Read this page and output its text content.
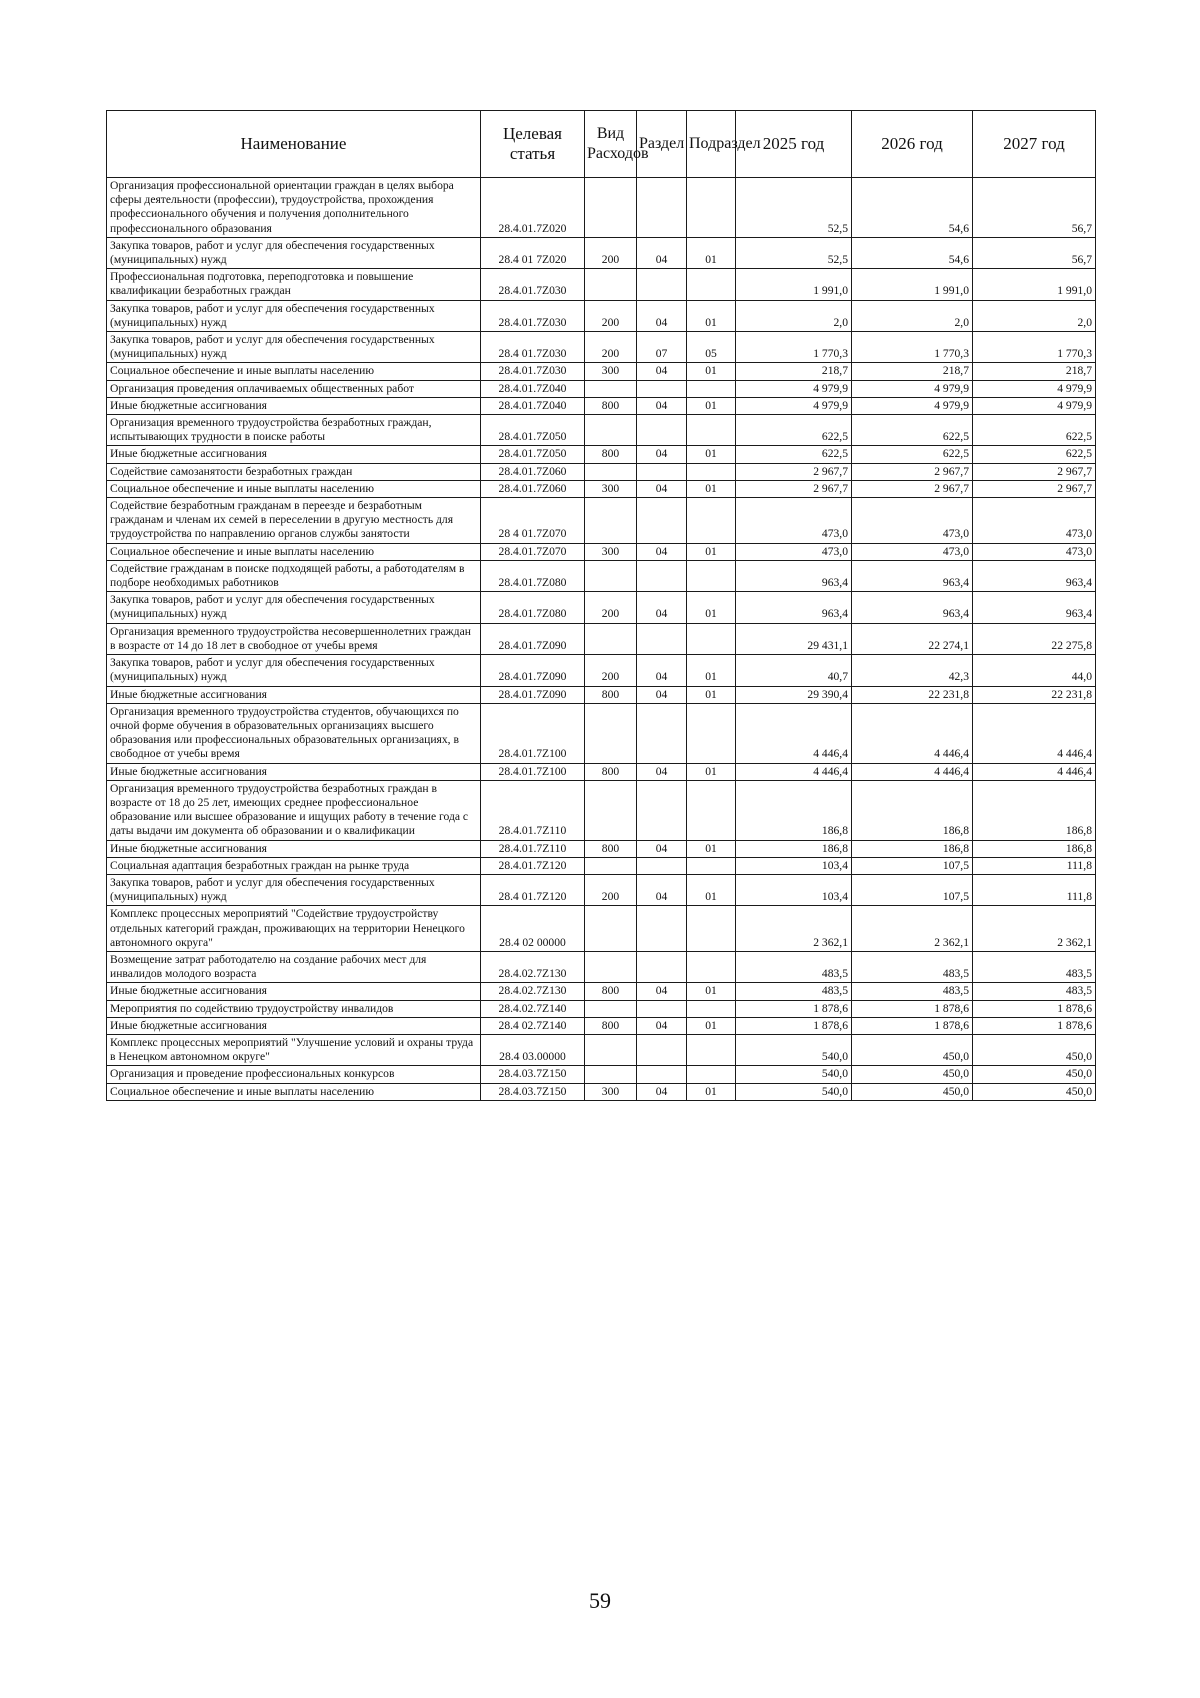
Наименование	Целевая статья	Вид Расходов	Раздел	Подраздел	2025 год	2026 год	2027 год
Организация профессиональной ориентации граждан в целях выбора сферы деятельности (профессии), трудоустройства, прохождения профессионального обучения и получения дополнительного профессионального образования	28.4.01.7Z020				52,5	54,6	56,7
Закупка товаров, работ и услуг для обеспечения государственных (муниципальных) нужд	28.4 01 7Z020	200	04	01	52,5	54,6	56,7
Профессиональная подготовка, переподготовка и повышение квалификации безработных граждан	28.4.01.7Z030				1 991,0	1 991,0	1 991,0
Закупка товаров, работ и услуг для обеспечения государственных (муниципальных) нужд	28.4.01.7Z030	200	04	01	2,0	2,0	2,0
Закупка товаров, работ и услуг для обеспечения государственных (муниципальных) нужд	28.4 01.7Z030	200	07	05	1 770,3	1 770,3	1 770,3
Социальное обеспечение и иные выплаты населению	28.4.01.7Z030	300	04	01	218,7	218,7	218,7
Организация проведения оплачиваемых общественных работ	28.4.01.7Z040				4 979,9	4 979,9	4 979,9
Иные бюджетные ассигнования	28.4.01.7Z040	800	04	01	4 979,9	4 979,9	4 979,9
Организация временного трудоустройства безработных граждан, испытывающих трудности в поиске работы	28.4.01.7Z050				622,5	622,5	622,5
Иные бюджетные ассигнования	28.4.01.7Z050	800	04	01	622,5	622,5	622,5
Содействие самозанятости безработных граждан	28.4.01.7Z060				2 967,7	2 967,7	2 967,7
Социальное обеспечение и иные выплаты населению	28.4.01.7Z060	300	04	01	2 967,7	2 967,7	2 967,7
Содействие безработным гражданам в переезде и безработным гражданам и членам их семей в переселении в другую местность для трудоустройства по направлению органов службы занятости	28 4 01.7Z070				473,0	473,0	473,0
Социальное обеспечение и иные выплаты населению	28.4.01.7Z070	300	04	01	473,0	473,0	473,0
Содействие гражданам в поиске подходящей работы, а работодателям в подборе необходимых работников	28.4.01.7Z080				963,4	963,4	963,4
Закупка товаров, работ и услуг для обеспечения государственных (муниципальных) нужд	28.4.01.7Z080	200	04	01	963,4	963,4	963,4
Организация временного трудоустройства несовершеннолетних граждан в возрасте от 14 до 18 лет в свободное от учебы время	28.4.01.7Z090				29 431,1	22 274,1	22 275,8
Закупка товаров, работ и услуг для обеспечения государственных (муниципальных) нужд	28.4.01.7Z090	200	04	01	40,7	42,3	44,0
Иные бюджетные ассигнования	28.4.01.7Z090	800	04	01	29 390,4	22 231,8	22 231,8
Организация временного трудоустройства студентов, обучающихся по очной форме обучения в образовательных организациях высшего образования или профессиональных образовательных организациях, в свободное от учебы время	28.4.01.7Z100				4 446,4	4 446,4	4 446,4
Иные бюджетные ассигнования	28.4.01.7Z100	800	04	01	4 446,4	4 446,4	4 446,4
Организация временного трудоустройства безработных граждан в возрасте от 18 до 25 лет, имеющих среднее профессиональное образование или высшее образование и ищущих работу в течение года с даты выдачи им документа об образовании и о квалификации	28.4.01.7Z110				186,8	186,8	186,8
Иные бюджетные ассигнования	28.4.01.7Z110	800	04	01	186,8	186,8	186,8
Социальная адаптация безработных граждан на рынке труда	28.4.01.7Z120				103,4	107,5	111,8
Закупка товаров, работ и услуг для обеспечения государственных (муниципальных) нужд	28.4 01.7Z120	200	04	01	103,4	107,5	111,8
Комплекс процессных мероприятий "Содействие трудоустройству отдельных категорий граждан, проживающих на территории Ненецкого автономного округа"	28.4 02 00000				2 362,1	2 362,1	2 362,1
Возмещение затрат работодателю на создание рабочих мест для инвалидов молодого возраста	28.4.02.7Z130				483,5	483,5	483,5
Иные бюджетные ассигнования	28.4.02.7Z130	800	04	01	483,5	483,5	483,5
Мероприятия по содействию трудоустройству инвалидов	28.4.02.7Z140				1 878,6	1 878,6	1 878,6
Иные бюджетные ассигнования	28.4 02.7Z140	800	04	01	1 878,6	1 878,6	1 878,6
Комплекс процессных мероприятий "Улучшение условий и охраны труда в Ненецком автономном округе"	28.4 03.00000				540,0	450,0	450,0
Организация и проведение профессиональных конкурсов	28.4.03.7Z150				540,0	450,0	450,0
Социальное обеспечение и иные выплаты населению	28.4.03.7Z150	300	04	01	540,0	450,0	450,0
59
